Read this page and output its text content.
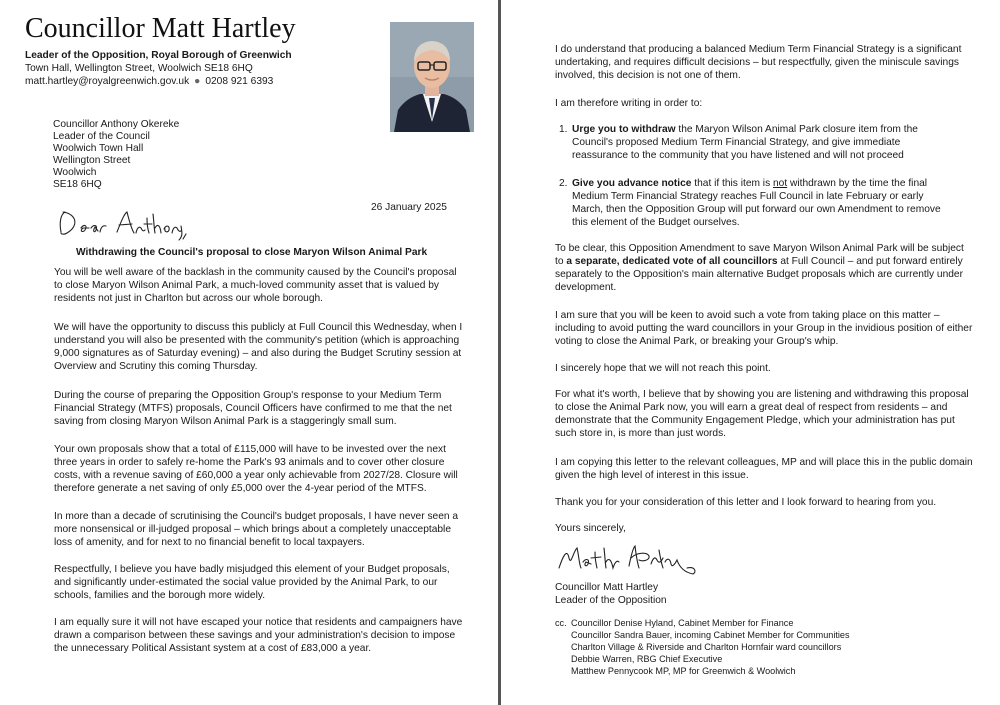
Councillor Matt Hartley
Leader of the Opposition, Royal Borough of Greenwich
Town Hall, Wellington Street, Woolwich SE18 6HQ
matt.hartley@royalgreenwich.gov.uk ● 0208 921 6393
Councillor Anthony Okereke
Leader of the Council
Woolwich Town Hall
Wellington Street
Woolwich
SE18 6HQ
26 January 2025
Withdrawing the Council's proposal to close Maryon Wilson Animal Park

You will be well aware of the backlash in the community caused by the Council's proposal to close Maryon Wilson Animal Park, a much-loved community asset that is valued by residents not just in Charlton but across our whole borough.

We will have the opportunity to discuss this publicly at Full Council this Wednesday, when I understand you will also be presented with the community's petition (which is approaching 9,000 signatures as of Saturday evening) – and also during the Budget Scrutiny session at Overview and Scrutiny this coming Thursday.

During the course of preparing the Opposition Group's response to your Medium Term Financial Strategy (MTFS) proposals, Council Officers have confirmed to me that the net saving from closing Maryon Wilson Animal Park is a staggeringly small sum.

Your own proposals show that a total of £115,000 will have to be invested over the next three years in order to safely re-home the Park's 93 animals and to cover other closure costs, with a revenue saving of £60,000 a year only achievable from 2027/28. Closure will therefore generate a net saving of only £5,000 over the 4-year period of the MTFS.

In more than a decade of scrutinising the Council's budget proposals, I have never seen a more nonsensical or ill-judged proposal – which brings about a completely unacceptable loss of amenity, and for next to no financial benefit to local taxpayers.

Respectfully, I believe you have badly misjudged this element of your Budget proposals, and significantly under-estimated the social value provided by the Animal Park, to our schools, families and the borough more widely.

I am equally sure it will not have escaped your notice that residents and campaigners have drawn a comparison between these savings and your administration's decision to impose the unnecessary Political Assistant system at a cost of £83,000 a year.

I do understand that producing a balanced Medium Term Financial Strategy is a significant undertaking, and requires difficult decisions – but respectfully, given the miniscule savings involved, this decision is not one of them.

I am therefore writing in order to:

1. Urge you to withdraw the Maryon Wilson Animal Park closure item from the Council's proposed Medium Term Financial Strategy, and give immediate reassurance to the community that you have listened and will not proceed
2. Give you advance notice that if this item is not withdrawn by the time the final Medium Term Financial Strategy reaches Full Council in late February or early March, then the Opposition Group will put forward our own Amendment to remove this element of the Budget ourselves.

To be clear, this Opposition Amendment to save Maryon Wilson Animal Park will be subject to a separate, dedicated vote of all councillors at Full Council – and put forward entirely separately to the Opposition's main alternative Budget proposals which are currently under development.

I am sure that you will be keen to avoid such a vote from taking place on this matter – including to avoid putting the ward councillors in your Group in the invidious position of either voting to close the Animal Park, or breaking your Group's whip.

I sincerely hope that we will not reach this point.

For what it's worth, I believe that by showing you are listening and withdrawing this proposal to close the Animal Park now, you will earn a great deal of respect from residents – and demonstrate that the Community Engagement Pledge, which your administration has put such store in, is more than just words.

I am copying this letter to the relevant colleagues, MP and will place this in the public domain given the high level of interest in this issue.

Thank you for your consideration of this letter and I look forward to hearing from you.

Yours sincerely,

Councillor Matt Hartley
Leader of the Opposition
cc. Councillor Denise Hyland, Cabinet Member for Finance
Councillor Sandra Bauer, incoming Cabinet Member for Communities
Charlton Village & Riverside and Charlton Hornfair ward councillors
Debbie Warren, RBG Chief Executive
Matthew Pennycook MP, MP for Greenwich & Woolwich
